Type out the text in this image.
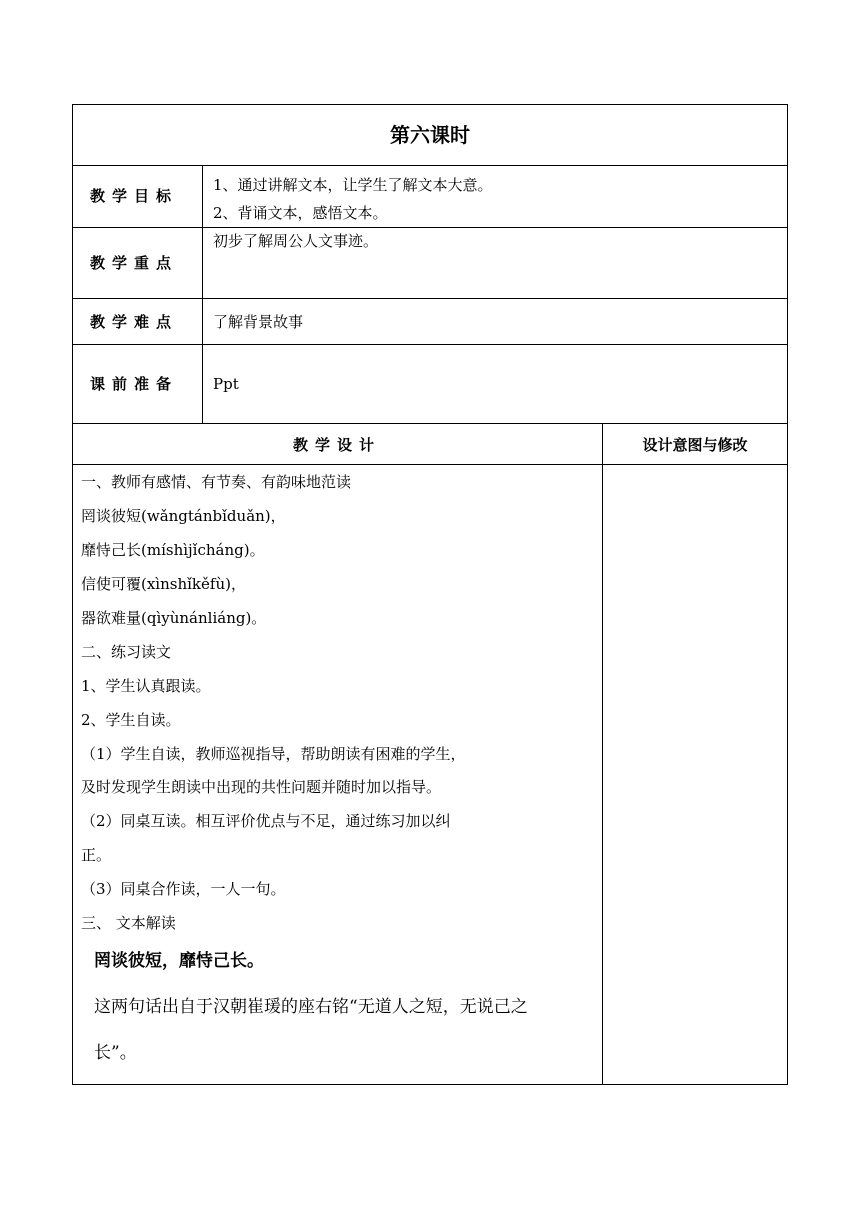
第六课时
教学目标
1、通过讲解文本，让学生了解文本大意。
2、背诵文本，感悟文本。
教学重点
初步了解周公人文事迹。
教学难点 了解背景故事
课前准备 Ppt
教学设计	设计意图与修改
一、教师有感情、有节奏、有韵味地范读
罔谈彼短(wǎngtánbǐduǎn)，
靡恃己长(míshìjǐcháng)。
信使可覆(xìnshǐkěfù)，
器欲难量(qìyùnánliáng)。
二、练习读文
1、学生认真跟读。
2、学生自读。
（1）学生自读，教师巡视指导，帮助朗读有困难的学生，
及时发现学生朗读中出现的共性问题并随时加以指导。
（2）同桌互读。相互评价优点与不足，通过练习加以纠
正。
（3）同桌合作读，一人一句。
三、 文本解读
罔谈彼短，靡恃己长。
这两句话出自于汉朝崔瑗的座右铭“无道人之短，无说己之
长”。
